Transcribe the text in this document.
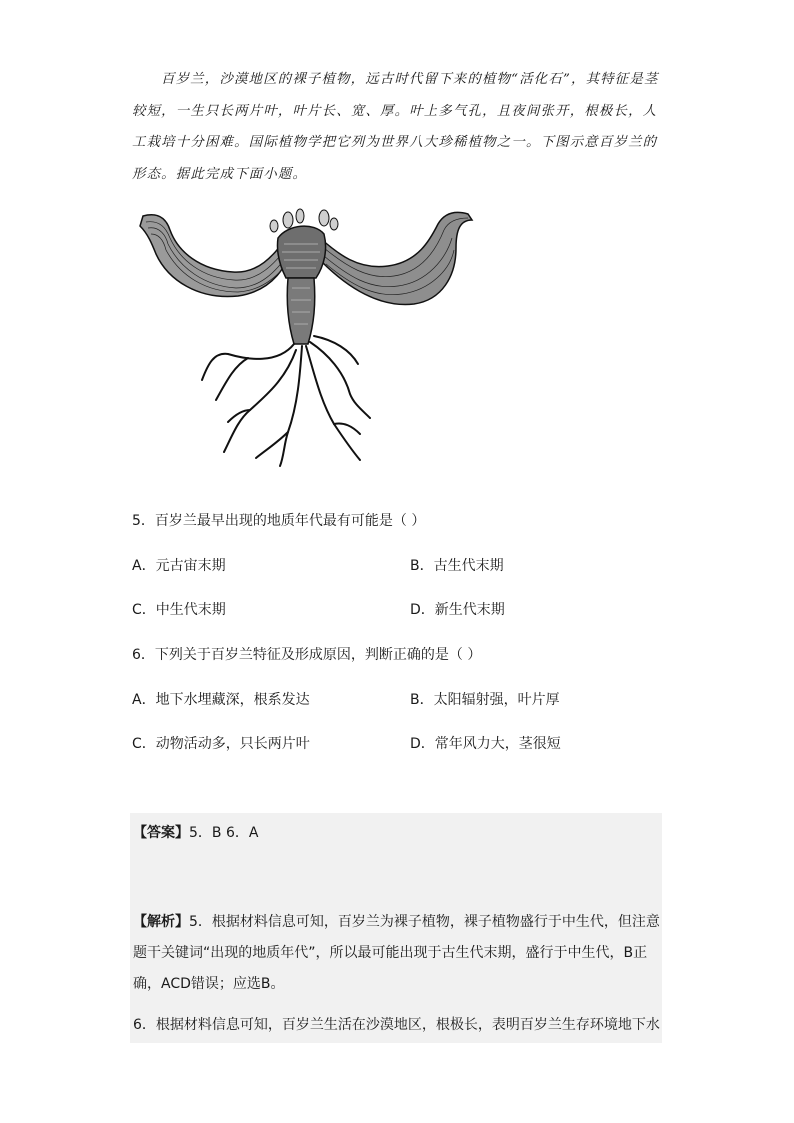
百岁兰，沙漠地区的裸子植物，远古时代留下来的植物“活化石”，其特征是茎较短，一生只长两片叶，叶片长、宽、厚。叶上多气孔，且夜间张开，根极长，人工栽培十分困难。国际植物学把它列为世界八大珍稀植物之一。下图示意百岁兰的形态。据此完成下面小题。
5．百岁兰最早出现的地质年代最有可能是（ ）
A．元古宙末期	B．古生代末期
C．中生代末期	D．新生代末期
6．下列关于百岁兰特征及形成原因，判断正确的是（ ）
A．地下水埋藏深，根系发达	B．太阳辐射强，叶片厚
C．动物活动多，只长两片叶	D．常年风力大，茎很短
【答案】5．B 6．A
【解析】5．根据材料信息可知，百岁兰为裸子植物，裸子植物盛行于中生代，但注意题干关键词“出现的地质年代”，所以最可能出现于古生代末期，盛行于中生代，B正确，ACD错误；应选B。
6．根据材料信息可知，百岁兰生活在沙漠地区，根极长，表明百岁兰生存环境地下水
